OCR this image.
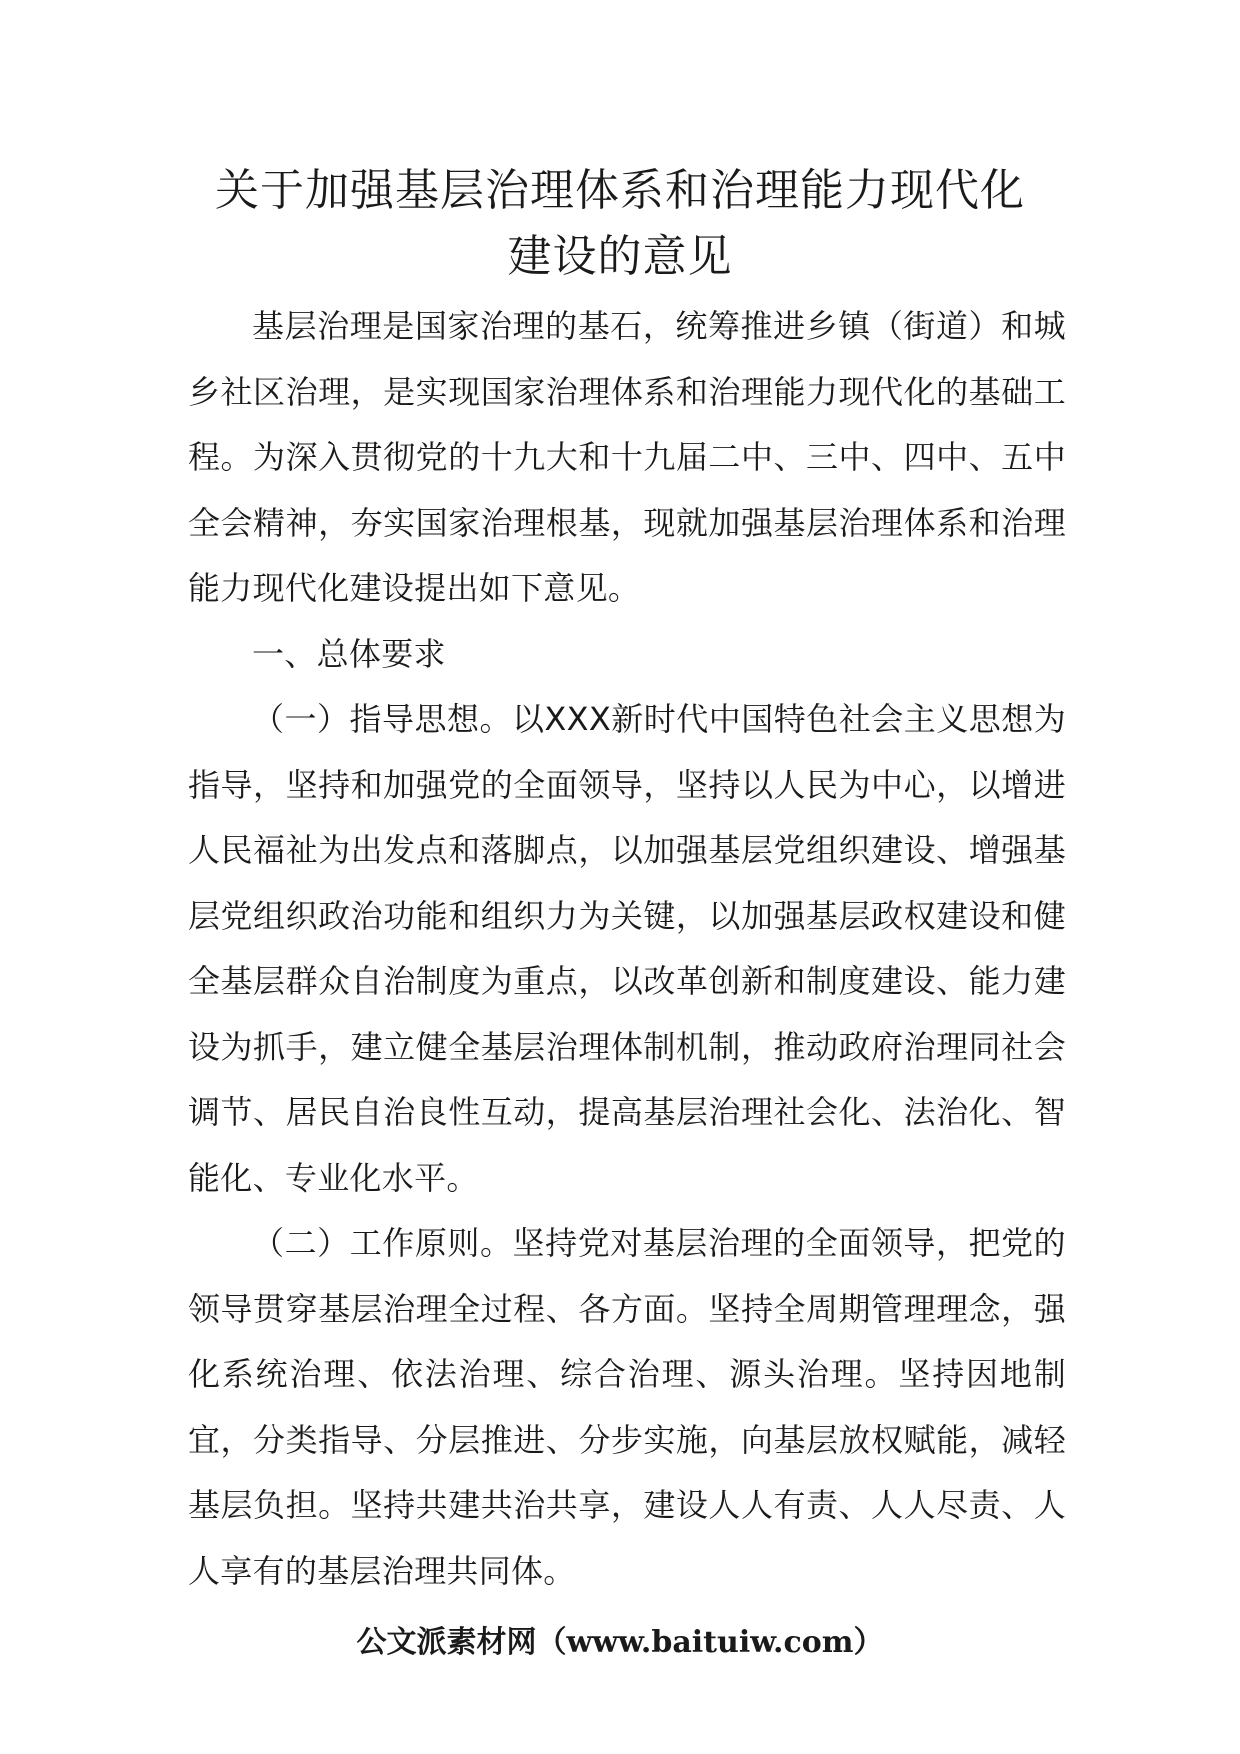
关于加强基层治理体系和治理能力现代化
建设的意见

基层治理是国家治理的基石，统筹推进乡镇（街道）和城乡社区治理，是实现国家治理体系和治理能力现代化的基础工程。为深入贯彻党的十九大和十九届二中、三中、四中、五中全会精神，夯实国家治理根基，现就加强基层治理体系和治理能力现代化建设提出如下意见。

一、总体要求

（一）指导思想。以XXX新时代中国特色社会主义思想为指导，坚持和加强党的全面领导，坚持以人民为中心，以增进人民福祉为出发点和落脚点，以加强基层党组织建设、增强基层党组织政治功能和组织力为关键，以加强基层政权建设和健全基层群众自治制度为重点，以改革创新和制度建设、能力建设为抓手，建立健全基层治理体制机制，推动政府治理同社会调节、居民自治良性互动，提高基层治理社会化、法治化、智能化、专业化水平。

（二）工作原则。坚持党对基层治理的全面领导，把党的领导贯穿基层治理全过程、各方面。坚持全周期管理理念，强化系统治理、依法治理、综合治理、源头治理。坚持因地制宜，分类指导、分层推进、分步实施，向基层放权赋能，减轻基层负担。坚持共建共治共享，建设人人有责、人人尽责、人人享有的基层治理共同体。

公文派素材网（www.baituiw.com）
